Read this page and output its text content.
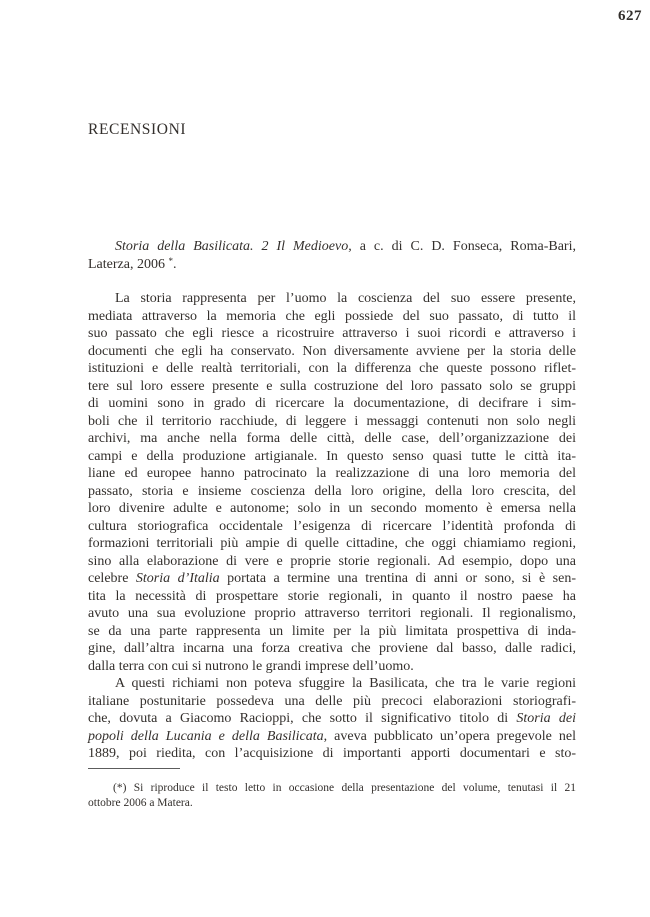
627
RECENSIONI
Storia della Basilicata. 2 Il Medioevo, a c. di C. D. Fonseca, Roma-Bari,
Laterza, 2006 *.
La storia rappresenta per l’uomo la coscienza del suo essere presente,
mediata attraverso la memoria che egli possiede del suo passato, di tutto il
suo passato che egli riesce a ricostruire attraverso i suoi ricordi e attraverso i
documenti che egli ha conservato. Non diversamente avviene per la storia delle
istituzioni e delle realtà territoriali, con la differenza che queste possono riflet-
tere sul loro essere presente e sulla costruzione del loro passato solo se gruppi
di uomini sono in grado di ricercare la documentazione, di decifrare i sim-
boli che il territorio racchiude, di leggere i messaggi contenuti non solo negli
archivi, ma anche nella forma delle città, delle case, dell’organizzazione dei
campi e della produzione artigianale. In questo senso quasi tutte le città ita-
liane ed europee hanno patrocinato la realizzazione di una loro memoria del
passato, storia e insieme coscienza della loro origine, della loro crescita, del
loro divenire adulte e autonome; solo in un secondo momento è emersa nella
cultura storiografica occidentale l’esigenza di ricercare l’identità profonda di
formazioni territoriali più ampie di quelle cittadine, che oggi chiamiamo regioni,
sino alla elaborazione di vere e proprie storie regionali. Ad esempio, dopo una
celebre Storia d’Italia portata a termine una trentina di anni or sono, si è sen-
tita la necessità di prospettare storie regionali, in quanto il nostro paese ha
avuto una sua evoluzione proprio attraverso territori regionali. Il regionalismo,
se da una parte rappresenta un limite per la più limitata prospettiva di inda-
gine, dall’altra incarna una forza creativa che proviene dal basso, dalle radici,
dalla terra con cui si nutrono le grandi imprese dell’uomo.
A questi richiami non poteva sfuggire la Basilicata, che tra le varie regioni
italiane postunitarie possedeva una delle più precoci elaborazioni storiografi-
che, dovuta a Giacomo Racioppi, che sotto il significativo titolo di Storia dei
popoli della Lucania e della Basilicata, aveva pubblicato un’opera pregevole nel
1889, poi riedita, con l’acquisizione di importanti apporti documentari e sto-
(*) Si riproduce il testo letto in occasione della presentazione del volume, tenutasi il 21
ottobre 2006 a Matera.
